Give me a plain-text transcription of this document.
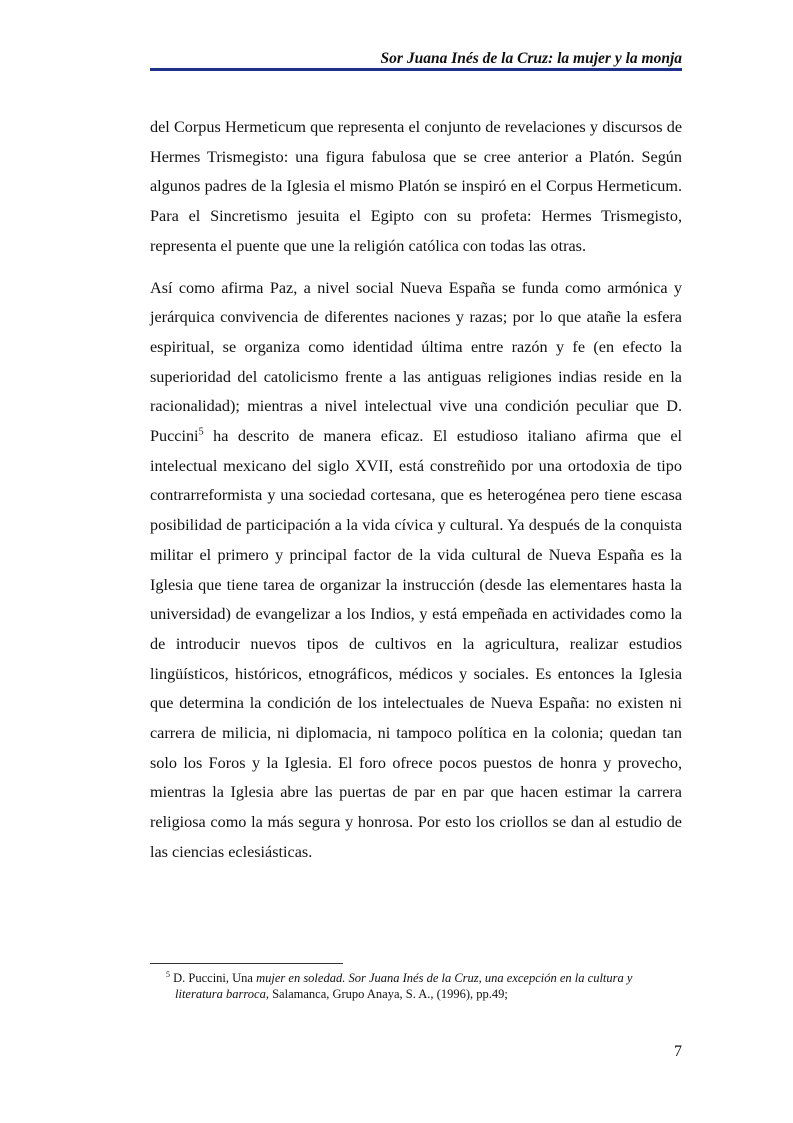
Sor Juana Inés de la Cruz: la mujer y la monja

del Corpus Hermeticum que representa el conjunto de revelaciones y discursos de Hermes Trismegisto: una figura fabulosa que se cree anterior a Platón. Según algunos padres de la Iglesia el mismo Platón se inspiró en el Corpus Hermeticum. Para el Sincretismo jesuita el Egipto con su profeta: Hermes Trismegisto, representa el puente que une la religión católica con todas las otras.

Así como afirma Paz, a nivel social Nueva España se funda como armónica y jerárquica convivencia de diferentes naciones y razas; por lo que atañe la esfera espiritual, se organiza como identidad última entre razón y fe (en efecto la superioridad del catolicismo frente a las antiguas religiones indias reside en la racionalidad); mientras a nivel intelectual vive una condición peculiar que D. Puccini$^5$ ha descrito de manera eficaz. El estudioso italiano afirma que el intelectual mexicano del siglo XVII, está constreñido por una ortodoxia de tipo contrarreformista y una sociedad cortesana, que es heterogénea pero tiene escasa posibilidad de participación a la vida cívica y cultural. Ya después de la conquista militar el primero y principal factor de la vida cultural de Nueva España es la Iglesia que tiene tarea de organizar la instrucción (desde las elementares hasta la universidad) de evangelizar a los Indios, y está empeñada en actividades como la de introducir nuevos tipos de cultivos en la agricultura, realizar estudios lingüísticos, históricos, etnográficos, médicos y sociales. Es entonces la Iglesia que determina la condición de los intelectuales de Nueva España: no existen ni carrera de milicia, ni diplomacia, ni tampoco política en la colonia; quedan tan solo los Foros y la Iglesia. El foro ofrece pocos puestos de honra y provecho, mientras la Iglesia abre las puertas de par en par que hacen estimar la carrera religiosa como la más segura y honrosa. Por esto los criollos se dan al estudio de las ciencias eclesiásticas.

$^5$ D. Puccini, Una mujer en soledad. Sor Juana Inés de la Cruz, una excepción en la cultura y literatura barroca, Salamanca, Grupo Anaya, S. A., (1996), pp.49;

7
